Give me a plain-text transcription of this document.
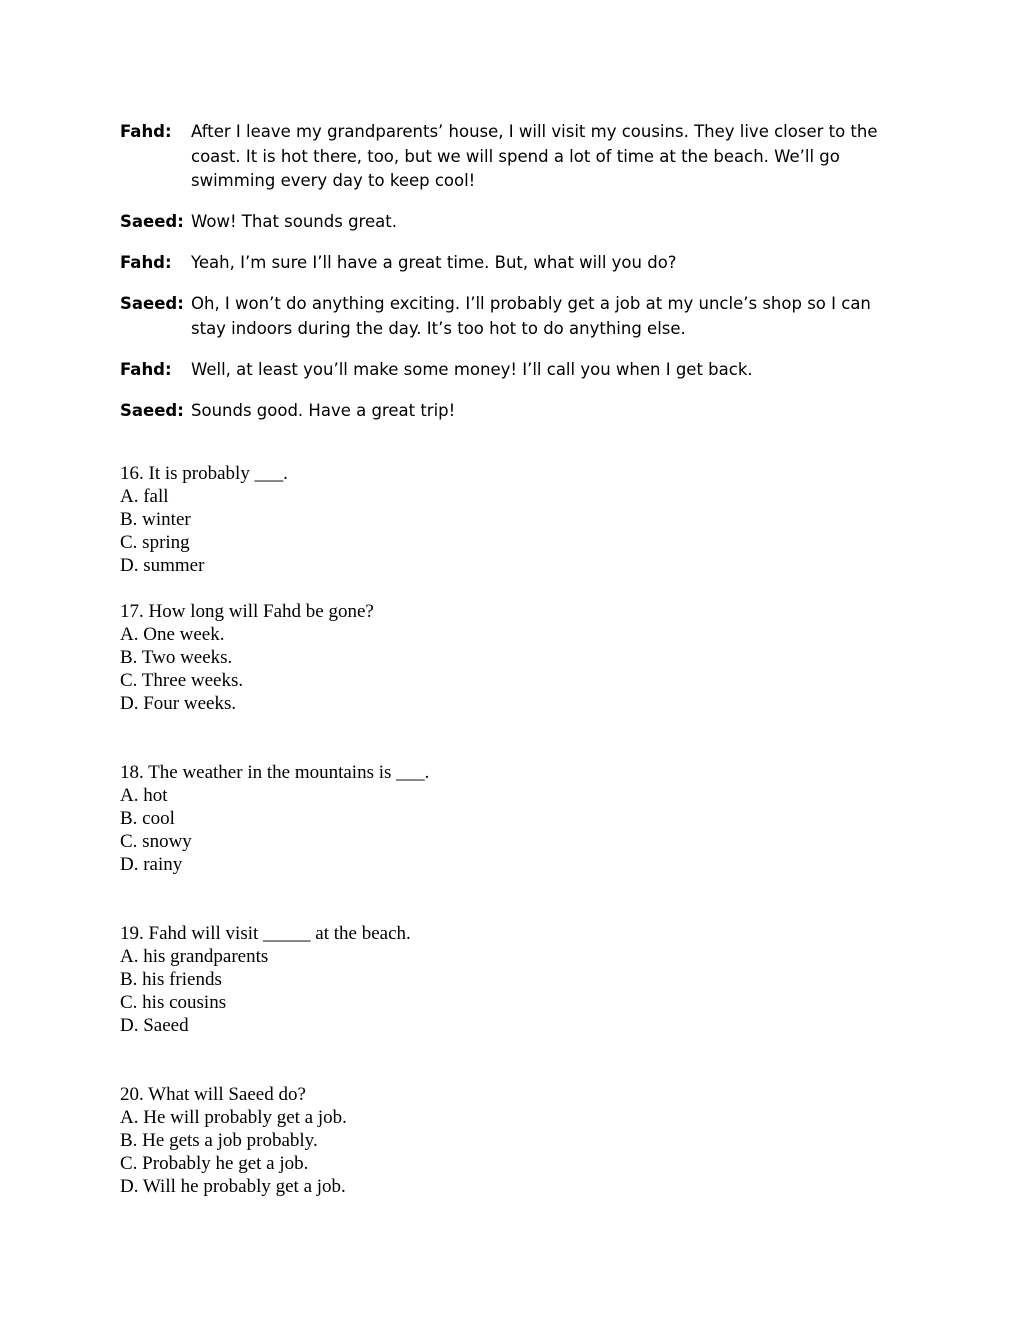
Fahd:	After I leave my grandparents’ house, I will visit my cousins. They live closer to the coast. It is hot there, too, but we will spend a lot of time at the beach. We’ll go swimming every day to keep cool!
Saeed: Wow! That sounds great.
Fahd:	Yeah, I’m sure I’ll have a great time. But, what will you do?
Saeed: Oh, I won’t do anything exciting. I’ll probably get a job at my uncle’s shop so I can stay indoors during the day. It’s too hot to do anything else.
Fahd:	Well, at least you’ll make some money! I’ll call you when I get back.
Saeed: Sounds good. Have a great trip!
16. It is probably ___.
A. fall
B. winter
C. spring
D. summer
17. How long will Fahd be gone?
A. One week.
B. Two weeks.
C. Three weeks.
D. Four weeks.
18. The weather in the mountains is ___.
A. hot
B. cool
C. snowy
D. rainy
19. Fahd will visit _____ at the beach.
A. his grandparents
B. his friends
C. his cousins
D. Saeed
20. What will Saeed do?
A. He will probably get a job.
B. He gets a job probably.
C. Probably he get a job.
D. Will he probably get a job.
